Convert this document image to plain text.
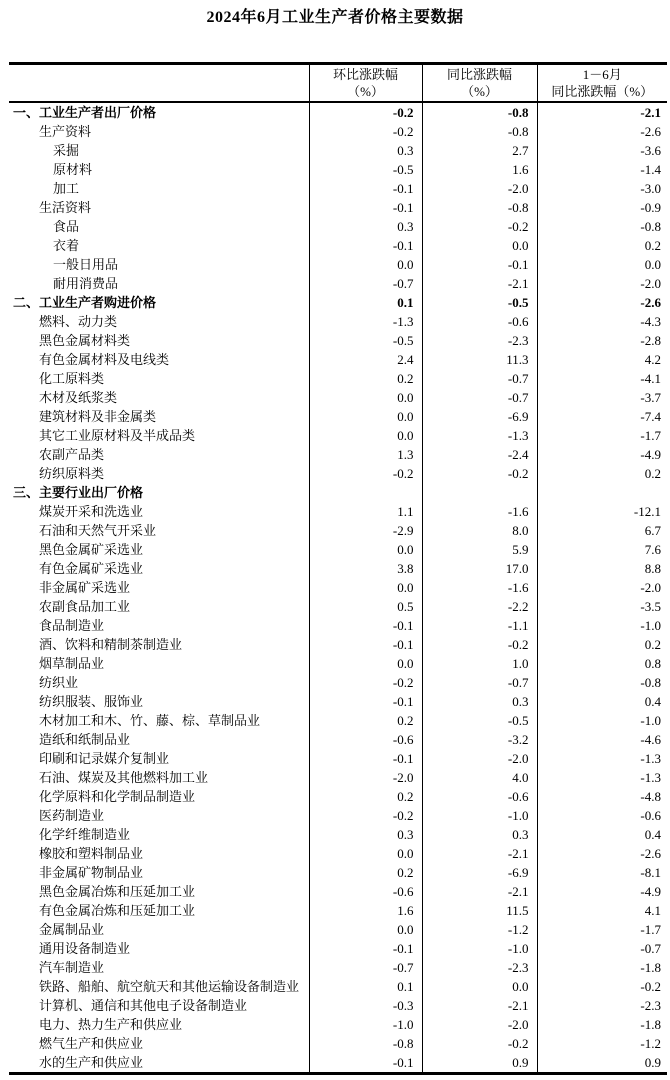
2024年6月工业生产者价格主要数据

环比涨跌幅
（%）

同比涨跌幅
（%）

1－6月
同比涨跌幅（%）

一、工业生产者出厂价格	-0.2	-0.8	-2.1
生产资料	-0.2	-0.8	-2.6
采掘	0.3	2.7	-3.6
原材料	-0.5	1.6	-1.4
加工	-0.1	-2.0	-3.0
生活资料	-0.1	-0.8	-0.9
食品	0.3	-0.2	-0.8
衣着	-0.1	0.0	0.2
一般日用品	0.0	-0.1	0.0
耐用消费品	-0.7	-2.1	-2.0
二、工业生产者购进价格	0.1	-0.5	-2.6
燃料、动力类	-1.3	-0.6	-4.3
黑色金属材料类	-0.5	-2.3	-2.8
有色金属材料及电线类	2.4	11.3	4.2
化工原料类	0.2	-0.7	-4.1
木材及纸浆类	0.0	-0.7	-3.7
建筑材料及非金属类	0.0	-6.9	-7.4
其它工业原材料及半成品类	0.0	-1.3	-1.7
农副产品类	1.3	-2.4	-4.9
纺织原料类	-0.2	-0.2	0.2
三、主要行业出厂价格			
煤炭开采和洗选业	1.1	-1.6	-12.1
石油和天然气开采业	-2.9	8.0	6.7
黑色金属矿采选业	0.0	5.9	7.6
有色金属矿采选业	3.8	17.0	8.8
非金属矿采选业	0.0	-1.6	-2.0
农副食品加工业	0.5	-2.2	-3.5
食品制造业	-0.1	-1.1	-1.0
酒、饮料和精制茶制造业	-0.1	-0.2	0.2
烟草制品业	0.0	1.0	0.8
纺织业	-0.2	-0.7	-0.8
纺织服装、服饰业	-0.1	0.3	0.4
木材加工和木、竹、藤、棕、草制品业	0.2	-0.5	-1.0
造纸和纸制品业	-0.6	-3.2	-4.6
印刷和记录媒介复制业	-0.1	-2.0	-1.3
石油、煤炭及其他燃料加工业	-2.0	4.0	-1.3
化学原料和化学制品制造业	0.2	-0.6	-4.8
医药制造业	-0.2	-1.0	-0.6
化学纤维制造业	0.3	0.3	0.4
橡胶和塑料制品业	0.0	-2.1	-2.6
非金属矿物制品业	0.2	-6.9	-8.1
黑色金属冶炼和压延加工业	-0.6	-2.1	-4.9
有色金属冶炼和压延加工业	1.6	11.5	4.1
金属制品业	0.0	-1.2	-1.7
通用设备制造业	-0.1	-1.0	-0.7
汽车制造业	-0.7	-2.3	-1.8
铁路、船舶、航空航天和其他运输设备制造业	0.1	0.0	-0.2
计算机、通信和其他电子设备制造业	-0.3	-2.1	-2.3
电力、热力生产和供应业	-1.0	-2.0	-1.8
燃气生产和供应业	-0.8	-0.2	-1.2
水的生产和供应业	-0.1	0.9	0.9
